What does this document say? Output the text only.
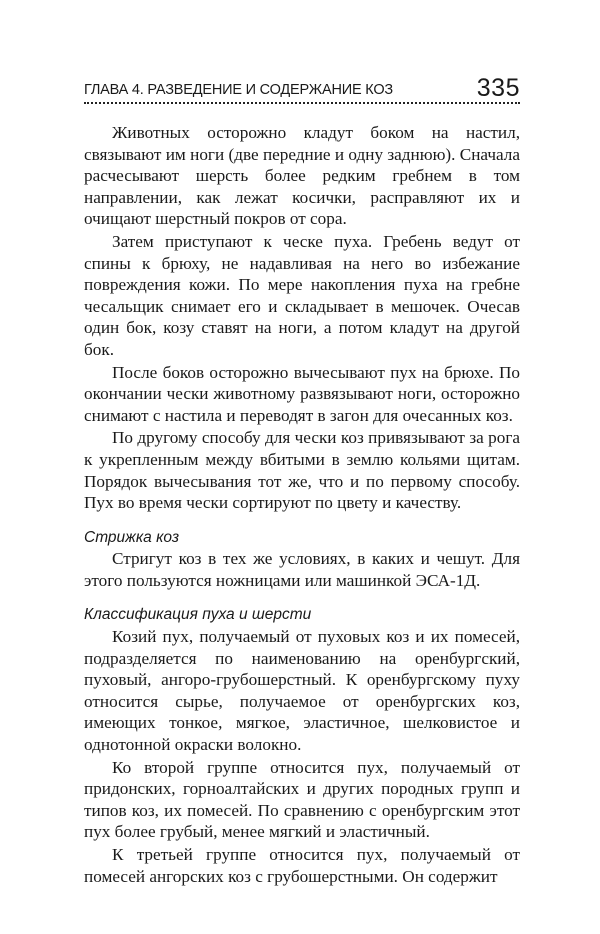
ГЛАВА 4. РАЗВЕДЕНИЕ И СОДЕРЖАНИЕ КОЗ	335

Животных осторожно кладут боком на настил, связывают им ноги (две передние и одну заднюю). Сначала расчесывают шерсть более редким гребнем в том направлении, как лежат косички, расправляют их и очищают шерстный покров от сора.

Затем приступают к ческе пуха. Гребень ведут от спины к брюху, не надавливая на него во избежание повреждения кожи. По мере накопления пуха на гребне чесальщик снимает его и складывает в мешочек. Очесав один бок, козу ставят на ноги, а потом кладут на другой бок.

После боков осторожно вычесывают пух на брюхе. По окончании чески животному развязывают ноги, осторожно снимают с настила и переводят в загон для очесанных коз.

По другому способу для чески коз привязывают за рога к укрепленным между вбитыми в землю кольями щитам. Порядок вычесывания тот же, что и по первому способу. Пух во время чески сортируют по цвету и качеству.

Стрижка коз

Стригут коз в тех же условиях, в каких и чешут. Для этого пользуются ножницами или машинкой ЭСА-1Д.

Классификация пуха и шерсти

Козий пух, получаемый от пуховых коз и их помесей, подразделяется по наименованию на оренбургский, пуховый, ангоро-грубошерстный. К оренбургскому пуху относится сырье, получаемое от оренбургских коз, имеющих тонкое, мягкое, эластичное, шелковистое и однотонной окраски волокно.

Ко второй группе относится пух, получаемый от придонских, горноалтайских и других породных групп и типов коз, их помесей. По сравнению с оренбургским этот пух более грубый, менее мягкий и эластичный.

К третьей группе относится пух, получаемый от помесей ангорских коз с грубошерстными. Он содержит
